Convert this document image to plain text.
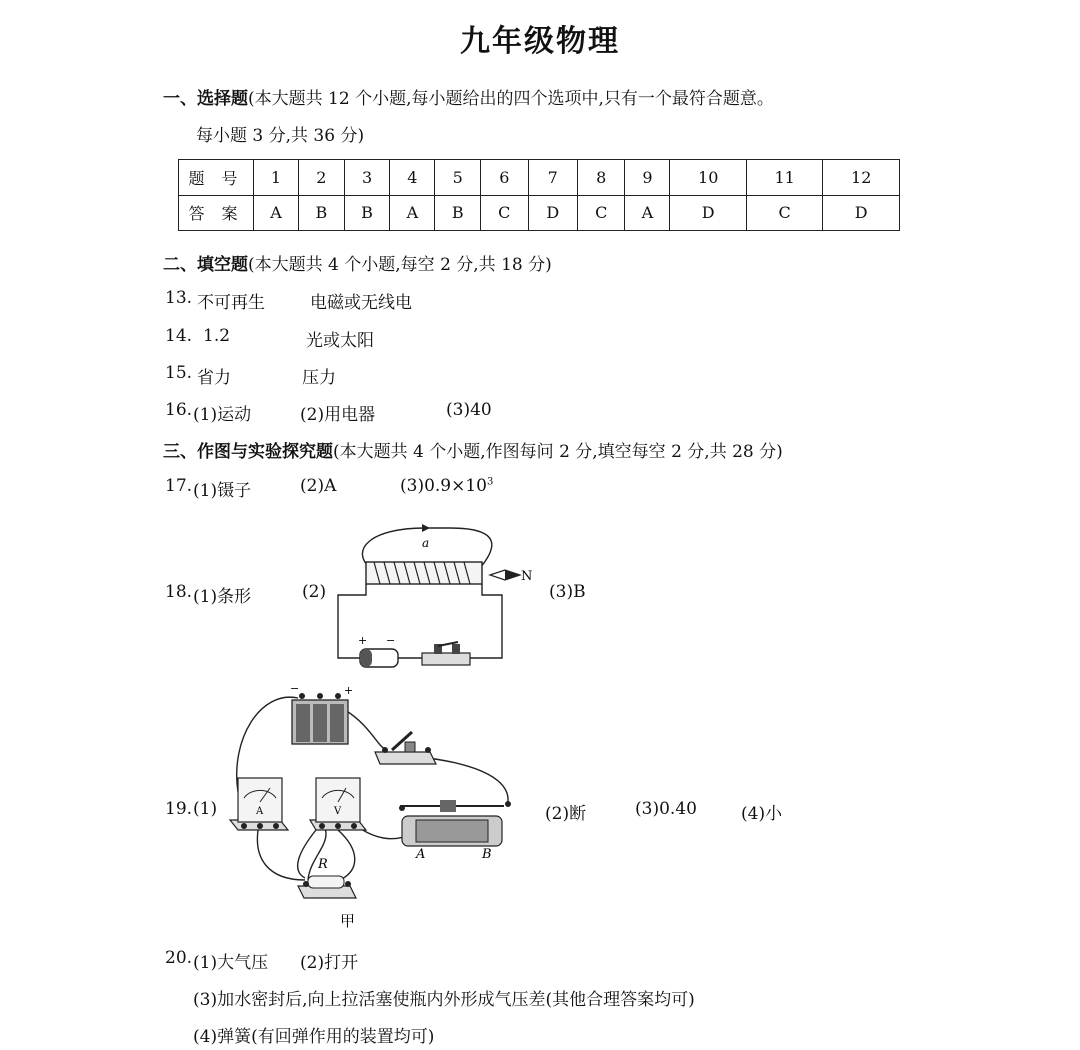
九年级物理
一、选择题(本大题共 12 个小题,每小题给出的四个选项中,只有一个最符合题意。
每小题 3 分,共 36 分)
题 号	1	2	3	4	5	6	7	8	9	10	11	12
答 案	A	B	B	A	B	C	D	C	A	D	C	D
二、填空题(本大题共 4 个小题,每空 2 分,共 18 分)
13. 不可再生	电磁或无线电
14. 1.2	光或太阳
15. 省力	压力
16. (1)运动	(2)用电器	(3)40
三、作图与实验探究题(本大题共 4 个小题,作图每问 2 分,填空每空 2 分,共 28 分)
17. (1)镊子	(2)A	$(3)0.9\times 10^3$
18. (1)条形	(2)	(3)B
a
N
+ −
19. (1)	(2)断	(3)0.40	(4)小
−	+
A	V
A	B
R
甲
20. (1)大气压 (2)打开
(3)加水密封后,向上拉活塞使瓶内外形成气压差(其他合理答案均可)
(4)弹簧(有回弹作用的装置均可)
